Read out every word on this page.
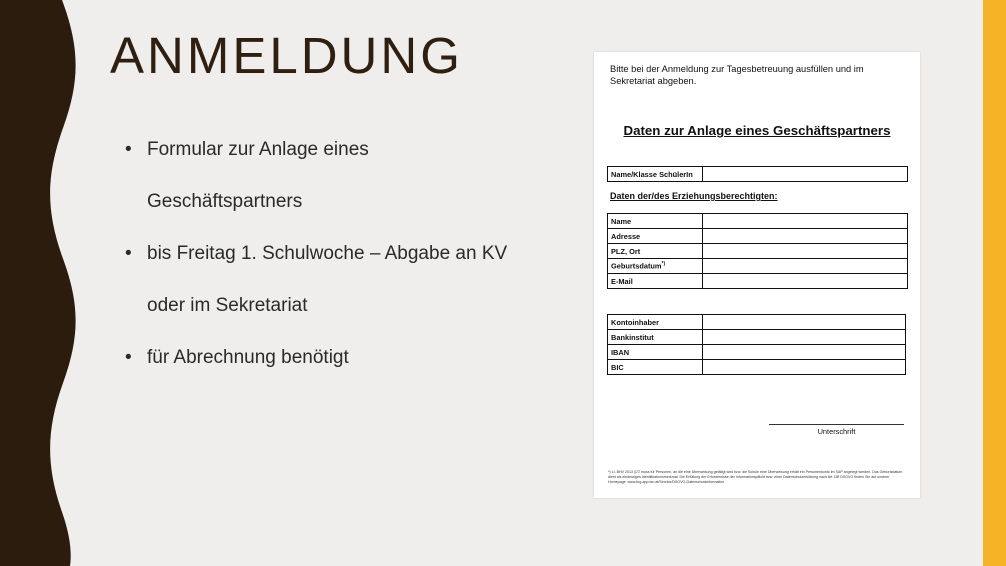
ANMELDUNG
• Formular zur Anlage eines
Geschäftspartners
• bis Freitag 1. Schulwoche – Abgabe an KV
oder im Sekretariat
• für Abrechnung benötigt

Bitte bei der Anmeldung zur Tagesbetreuung ausfüllen und im Sekretariat abgeben.

Daten zur Anlage eines Geschäftspartners
Name/Klasse SchülerIn	

Daten der/des Erziehungsberechtigten:

Name	
Adresse	
PLZ, Ort	
Geburtsdatum*)	
E-Mail	
Kontoinhaber	
Bankinstitut	
IBAN	
BIC	
Unterschrift

*) Lt. BHV 2013 §72 muss für Personen, an die eine Überweisung getätigt wird bzw. die Schule eine Überweisung erhält ein Personenkonto im SAP angelegt werden. Das Geburtsdatum dient als eindeutiges Identifikationsmerkmal. Die Erfüllung der Erfordernisse der Informationspflicht bzw. einer Datenschutzerklärung nach Art 13ff DSGVO finden Sie auf unserer Homepage: www.brg-app.tsn.at/Service/DSGVO-Datenschutzinformation
